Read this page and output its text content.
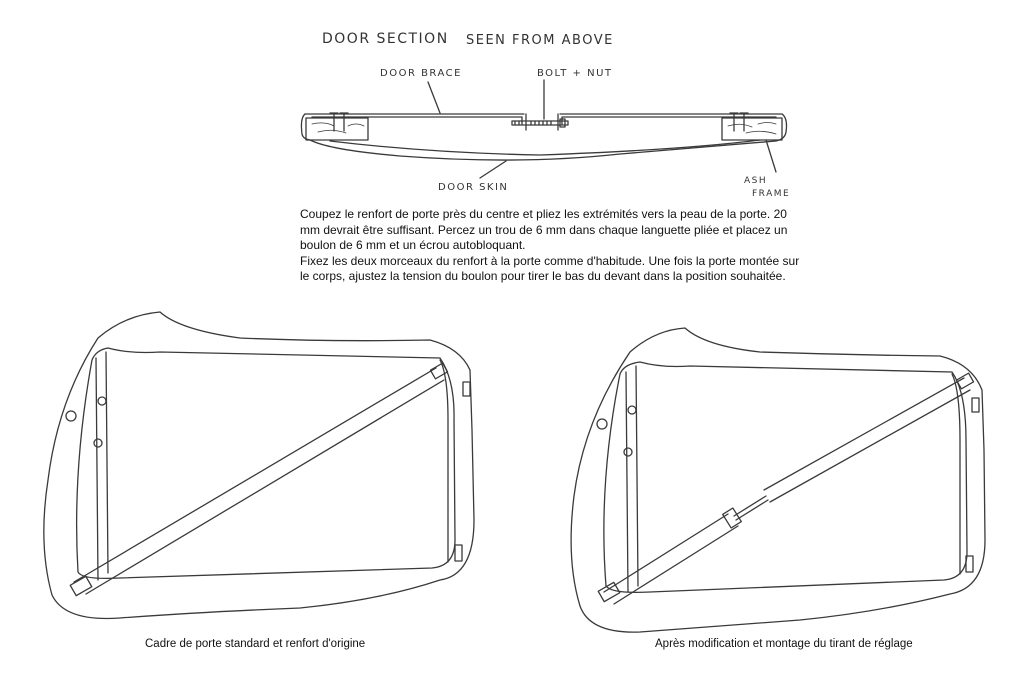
DOOR SECTION SEEN FROM ABOVE
DOOR BRACE	BOLT + NUT
DOOR SKIN
ASH
FRAME

Coupez le renfort de porte près du centre et pliez les extrémités vers la peau de la porte. 20 mm devrait être suffisant. Percez un trou de 6 mm dans chaque languette pliée et placez un boulon de 6 mm et un écrou autobloquant.

Fixez les deux morceaux du renfort à la porte comme d'habitude. Une fois la porte montée sur le corps, ajustez la tension du boulon pour tirer le bas du devant dans la position souhaitée.

Cadre de porte standard et renfort d'origine	Après modification et montage du tirant de réglage
